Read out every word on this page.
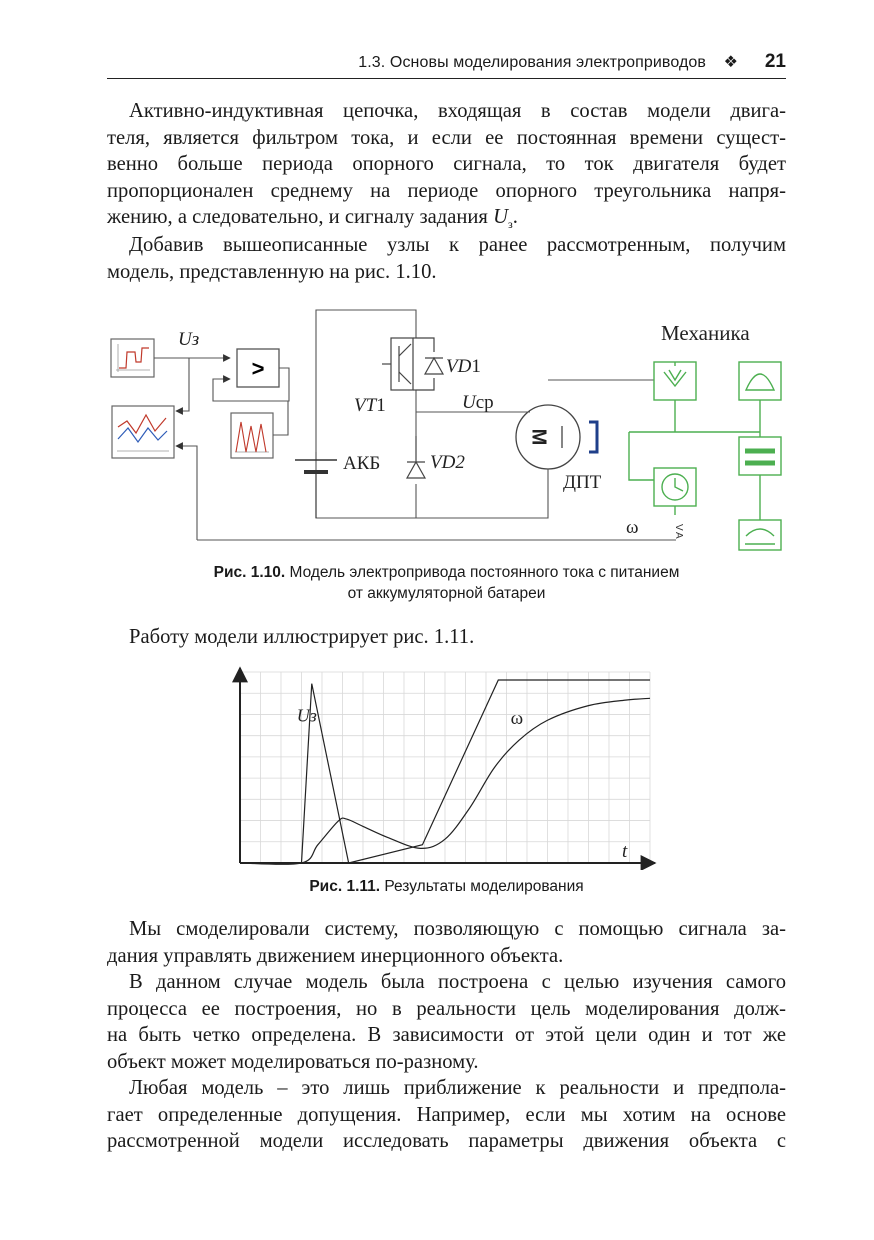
1.3. Основы моделирования электроприводов ❖ 21

Активно-индуктивная цепочка, входящая в состав модели двига-
теля, является фильтром тока, и если ее постоянная времени сущест-
венно больше периода опорного сигнала, то ток двигателя будет
пропорционален среднему на периоде опорного треугольника напря-
жению, а следовательно, и сигналу задания $U_з$.

Добавив вышеописанные узлы к ранее рассмотренным, получим
модель, представленную на рис. 1.10.

>
Uз
АКБ
VD1
VT1	Uср
VD2
М
ДПТ
Механика
V
A
ω
Рис. 1.10. Модель электропривода постоянного тока с питанием
от аккумуляторной батареи

Работу модели иллюстрирует рис. 1.11.

t
Uз	ω
Рис. 1.11. Результаты моделирования

Мы смоделировали систему, позволяющую с помощью сигнала за-
дания управлять движением инерционного объекта.

В данном случае модель была построена с целью изучения самого
процесса ее построения, но в реальности цель моделирования долж-
на быть четко определена. В зависимости от этой цели один и тот же
объект может моделироваться по-разному.

Любая модель – это лишь приближение к реальности и предпола-
гает определенные допущения. Например, если мы хотим на основе
рассмотренной модели исследовать параметры движения объекта с
